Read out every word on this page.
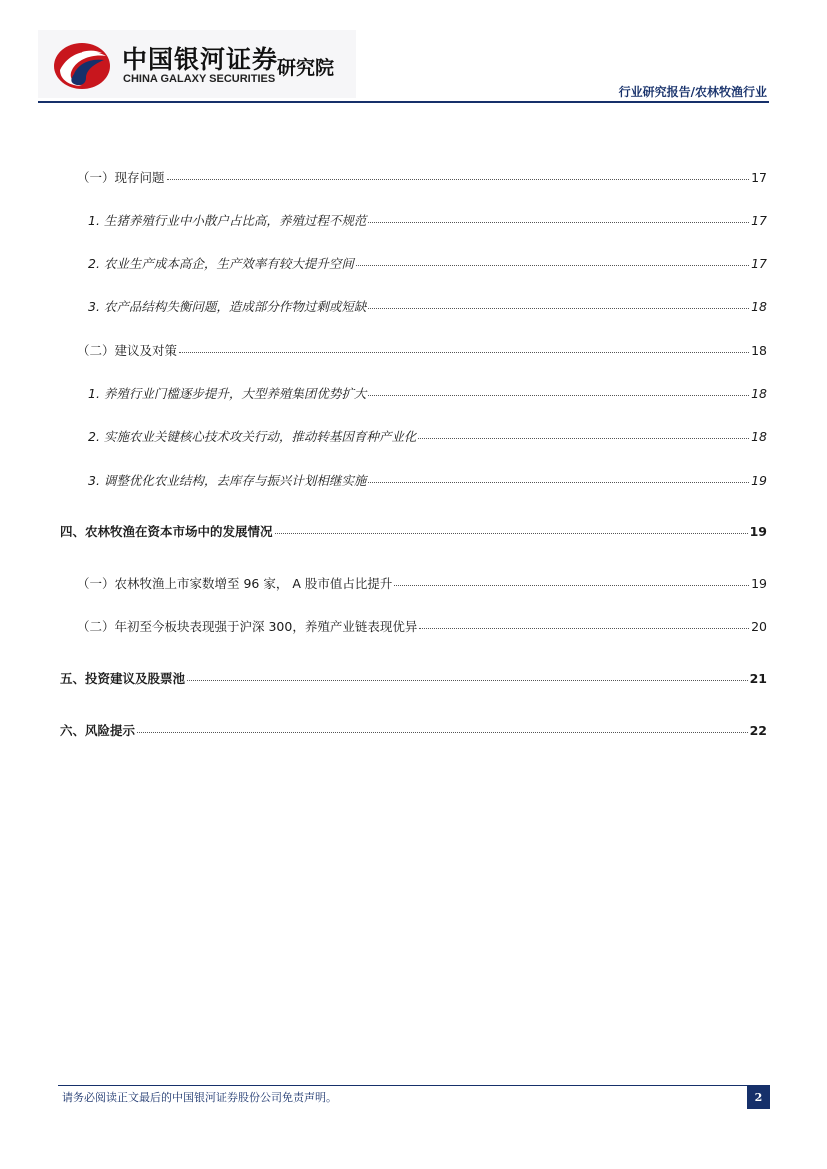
中国银河证券
CHINA GALAXY SECURITIES 研究院
行业研究报告/农林牧渔行业
（一）现存问题	17
1. 生猪养殖行业中小散户占比高，养殖过程不规范	17
2. 农业生产成本高企，生产效率有较大提升空间	17
3. 农产品结构失衡问题，造成部分作物过剩或短缺	18
（二）建议及对策	18
1. 养殖行业门槛逐步提升，大型养殖集团优势扩大	18
2. 实施农业关键核心技术攻关行动，推动转基因育种产业化	18
3. 调整优化农业结构，去库存与振兴计划相继实施	19
四、农林牧渔在资本市场中的发展情况	19
（一）农林牧渔上市家数增至 96 家， A 股市值占比提升	19
（二）年初至今板块表现强于沪深 300，养殖产业链表现优异	20
五、投资建议及股票池	21
六、风险提示	22
请务必阅读正文最后的中国银河证券股份公司免责声明。	2
